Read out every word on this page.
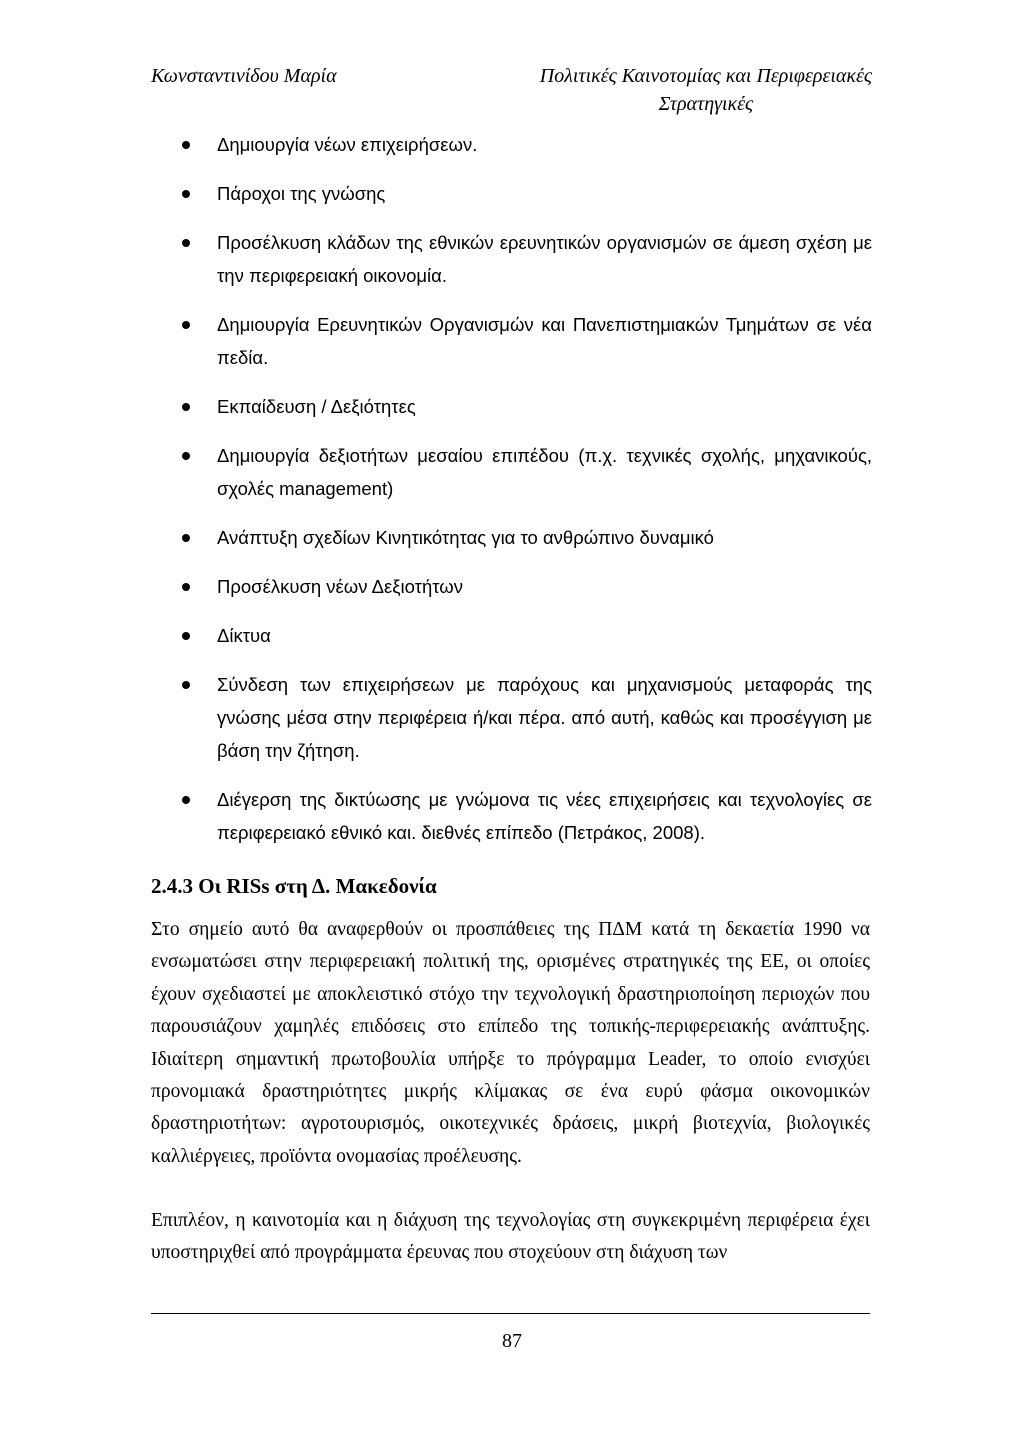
Κωνσταντινίδου Μαρία	Πολιτικές Καινοτομίας και Περιφερειακές
Στρατηγικές
Δημιουργία νέων επιχειρήσεων.
Πάροχοι της γνώσης
Προσέλκυση κλάδων της εθνικών ερευνητικών οργανισμών σε άμεση σχέση με την περιφερειακή οικονομία.
Δημιουργία Ερευνητικών Οργανισμών και Πανεπιστημιακών Τμημάτων σε νέα πεδία.
Εκπαίδευση / Δεξιότητες
Δημιουργία δεξιοτήτων μεσαίου επιπέδου (π.χ. τεχνικές σχολής, μηχανικούς, σχολές management)
Ανάπτυξη σχεδίων Κινητικότητας για το ανθρώπινο δυναμικό
Προσέλκυση νέων Δεξιοτήτων
Δίκτυα
Σύνδεση των επιχειρήσεων με παρόχους και μηχανισμούς μεταφοράς της γνώσης μέσα στην περιφέρεια ή/και πέρα. από αυτή, καθώς και προσέγγιση με βάση την ζήτηση.
Διέγερση της δικτύωσης με γνώμονα τις νέες επιχειρήσεις και τεχνολογίες σε περιφερειακό εθνικό και. διεθνές επίπεδο (Πετράκος, 2008).
2.4.3 Οι RISs στη Δ. Μακεδονία
Στο σημείο αυτό θα αναφερθούν οι προσπάθειες της ΠΔΜ κατά τη δεκαετία 1990 να ενσωματώσει στην περιφερειακή πολιτική της, ορισμένες στρατηγικές της ΕΕ, οι οποίες έχουν σχεδιαστεί με αποκλειστικό στόχο την τεχνολογική δραστηριοποίηση περιοχών που παρουσιάζουν χαμηλές επιδόσεις στο επίπεδο της τοπικής-περιφερειακής ανάπτυξης. Ιδιαίτερη σημαντική πρωτοβουλία υπήρξε το πρόγραμμα Leader, το οποίο ενισχύει προνομιακά δραστηριότητες μικρής κλίμακας σε ένα ευρύ φάσμα οικονομικών δραστηριοτήτων: αγροτουρισμός, οικοτεχνικές δράσεις, μικρή βιοτεχνία, βιολογικές καλλιέργειες, προϊόντα ονομασίας προέλευσης.
Επιπλέον, η καινοτομία και η διάχυση της τεχνολογίας στη συγκεκριμένη περιφέρεια έχει υποστηριχθεί από προγράμματα έρευνας που στοχεύουν στη διάχυση των
87
